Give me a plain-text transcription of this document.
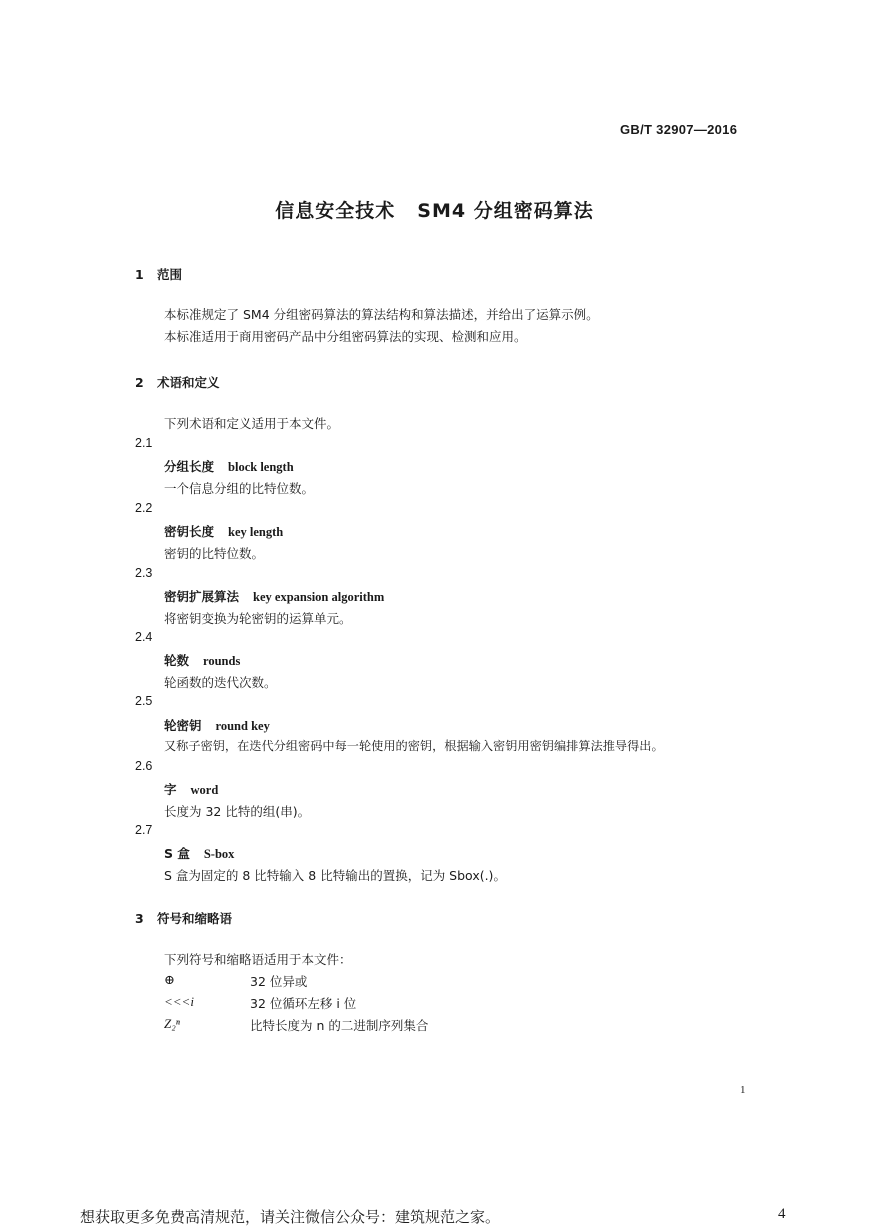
GB/T 32907—2016
信息安全技术 SM4 分组密码算法
1 范围
本标准规定了 SM4 分组密码算法的算法结构和算法描述，并给出了运算示例。
本标准适用于商用密码产品中分组密码算法的实现、检测和应用。
2 术语和定义
下列术语和定义适用于本文件。
2.1
分组长度 block length
一个信息分组的比特位数。
2.2
密钥长度 key length
密钥的比特位数。
2.3
密钥扩展算法 key expansion algorithm
将密钥变换为轮密钥的运算单元。
2.4
轮数 rounds
轮函数的迭代次数。
2.5
轮密钥 round key
又称子密钥，在迭代分组密码中每一轮使用的密钥，根据输入密钥用密钥编排算法推导得出。
2.6
字 word
长度为 32 比特的组(串)。
2.7
S 盒 S-box
S 盒为固定的 8 比特输入 8 比特输出的置换，记为 Sbox(.)。
3 符号和缩略语
下列符号和缩略语适用于本文件：
⊕	32 位异或
<<<i	32 位循环左移 i 位
Z₂ⁿ	比特长度为 n 的二进制序列集合
1
想获取更多免费高清规范，请关注微信公众号：建筑规范之家。	4
